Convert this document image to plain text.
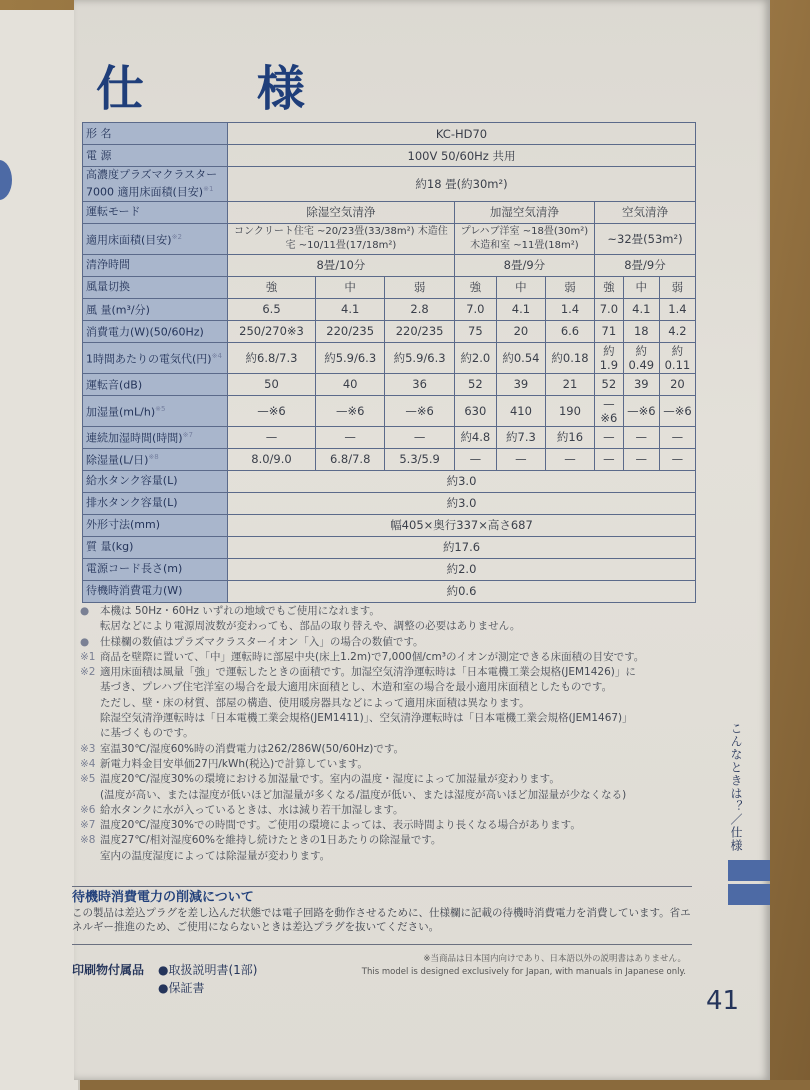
仕 様
形 名	KC-HD70								
電 源	100V 50/60Hz 共用								
高濃度プラズマクラスター7000 適用床面積(目安)$^{※1}$	約18 畳(約30m²)								
運転モード	除湿空気清浄			加湿空気清浄			空気清浄		
適用床面積(目安)$^{※2}$	コンクリート住宅 ~20/23畳(33/38m²) 木造住宅 ~10/11畳(17/18m²)			プレハブ洋室 ~18畳(30m²) 木造和室 ~11畳(18m²)			~32畳(53m²)		
清浄時間	8畳/10分			8畳/9分			8畳/9分		
風量切換	強	中	弱	強	中	弱	強	中	弱
風 量(m³/分)	6.5	4.1	2.8	7.0	4.1	1.4	7.0	4.1	1.4
消費電力(W)(50/60Hz)	250/270※3	220/235	220/235	75	20	6.6	71	18	4.2
1時間あたりの電気代(円)$^{※4}$	約6.8/7.3	約5.9/6.3	約5.9/6.3	約2.0	約0.54	約0.18	約1.9	約0.49	約0.11
運転音(dB)	50	40	36	52	39	21	52	39	20
加湿量$(mL/h)^{※5}$	—※6	—※6	—※6	630	410	190	—※6	—※6	—※6
連続加湿時間(時間)$^{※7}$	—	—	—	約4.8	約7.3	約16	—	—	—
除湿量(L/日)$^{※8}$	8.0/9.0	6.8/7.8	5.3/5.9	—	—	—	—	—	—
給水タンク容量(L)	約3.0								
排水タンク容量(L)	約3.0								
外形寸法(mm)	幅405×奥行337×高さ687								
質 量(kg)	約17.6								
電源コード長さ(m)	約2.0								
待機時消費電力(W)	約0.6								
●	本機は 50Hz・60Hz いずれの地域でもご使用になれます。
転居などにより電源周波数が変わっても、部品の取り替えや、調整の必要はありません。
●	仕様欄の数値はプラズマクラスターイオン「入」の場合の数値です。
※1 商品を壁際に置いて、「中」運転時に部屋中央(床上1.2m)で7,000個/cm³のイオンが測定できる床面積の目安です。
※2 適用床面積は風量「強」で運転したときの面積です。加湿空気清浄運転時は「日本電機工業会規格(JEM1426)」に
基づき、プレハブ住宅洋室の場合を最大適用床面積とし、木造和室の場合を最小適用床面積としたものです。
ただし、壁・床の材質、部屋の構造、使用暖房器具などによって適用床面積は異なります。
除湿空気清浄運転時は「日本電機工業会規格(JEM1411)」、空気清浄運転時は「日本電機工業会規格(JEM1467)」
に基づくものです。
※3 室温30℃/湿度60%時の消費電力は262/286W(50/60Hz)です。
※4 新電力料金目安単価27円/kWh(税込)で計算しています。
※5 温度20℃/湿度30%の環境における加湿量です。室内の温度・湿度によって加湿量が変わります。
(温度が高い、または湿度が低いほど加湿量が多くなる/温度が低い、または湿度が高いほど加湿量が少なくなる)
※6 給水タンクに水が入っているときは、水は減り若干加湿します。
※7 温度20℃/湿度30%での時間です。ご使用の環境によっては、表示時間より長くなる場合があります。
※8 温度27℃/相対湿度60%を維持し続けたときの1日あたりの除湿量です。
室内の温度湿度によっては除湿量が変わります。
待機時消費電力の削減について
この製品は差込プラグを差し込んだ状態では電子回路を動作させるために、仕様欄に記載の待機時消費電力を消費しています。省エネルギー推進のため、ご使用にならないときは差込プラグを抜いてください。
印刷物付属品 ●取扱説明書(1部)
●保証書
※当商品は日本国内向けであり、日本語以外の説明書はありません。
This model is designed exclusively for Japan, with manuals in Japanese only.
こんなときは？／仕様
41
